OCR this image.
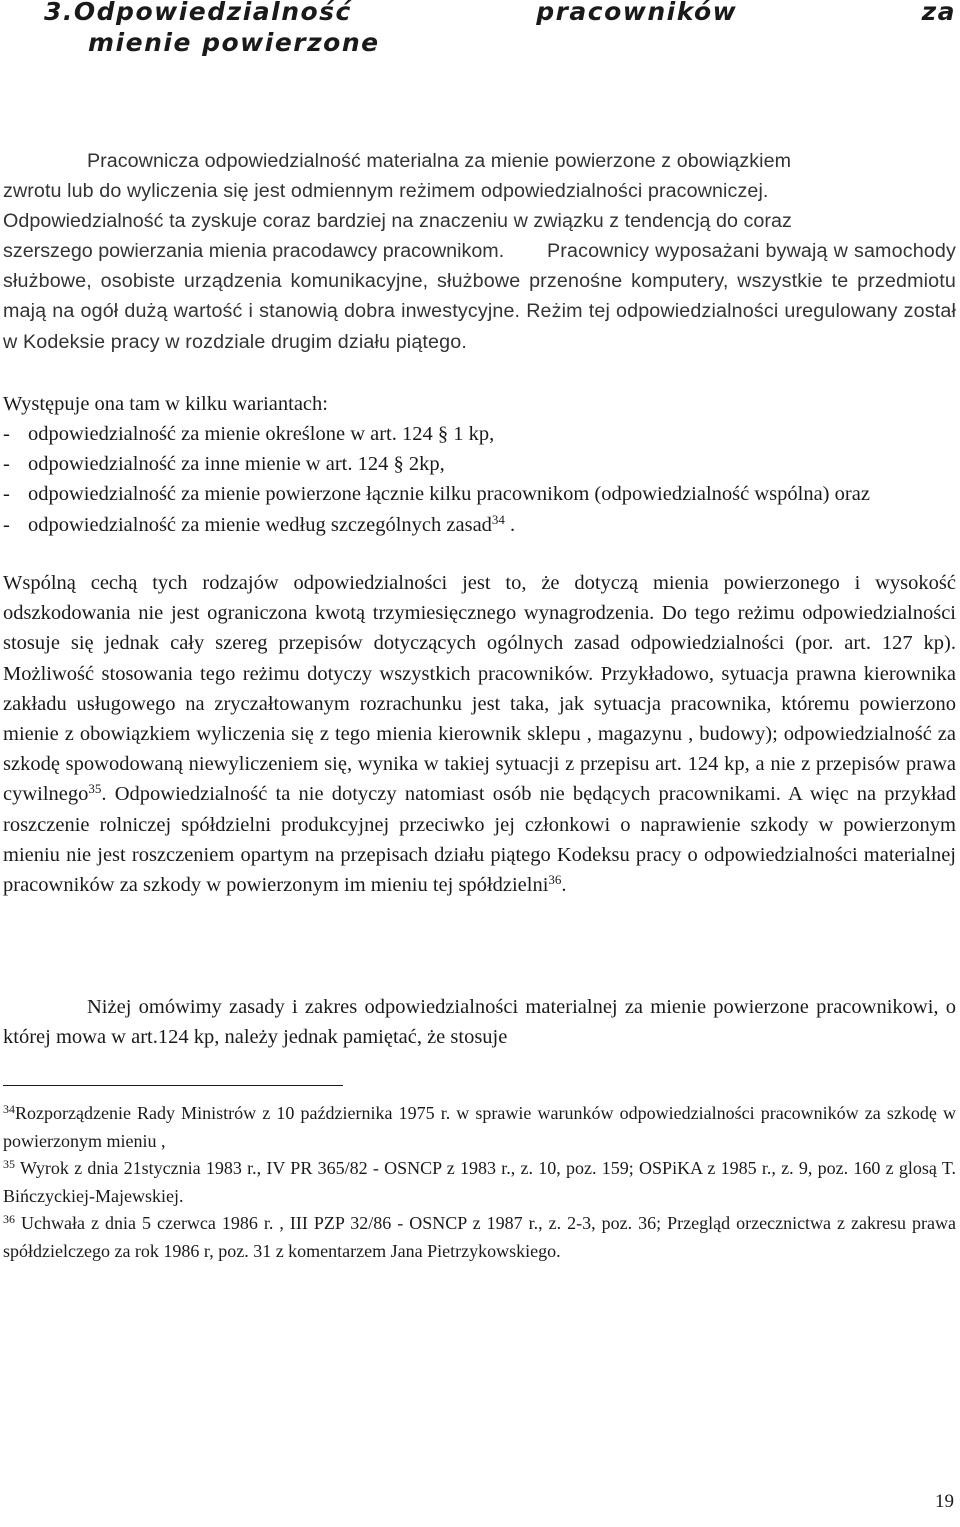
3.Odpowiedzialność	pracowników	za
mienie powierzone

Pracownicza odpowiedzialność materialna za mienie powierzone z obowiązkiem

zwrotu lub do wyliczenia się jest odmiennym reżimem odpowiedzialności pracowniczej.

Odpowiedzialność ta zyskuje coraz bardziej na znaczeniu w związku z tendencją do coraz

szerszego powierzania mienia pracodawcy pracownikom.	Pracownicy wyposażani bywają w samochody służbowe, osobiste urządzenia komunikacyjne, służbowe przenośne komputery, wszystkie te przedmiotu mają na ogół dużą wartość i stanowią dobra inwestycyjne. Reżim tej odpowiedzialności uregulowany został w Kodeksie pracy w rozdziale drugim działu piątego.

Występuje ona tam w kilku wariantach:

- odpowiedzialność za mienie określone w art. 124 § 1 kp,
- odpowiedzialność za inne mienie w art. 124 § 2kp,
- odpowiedzialność za mienie powierzone łącznie kilku pracownikom (odpowiedzialność wspólna) oraz
- odpowiedzialność za mienie według szczególnych zasad$^{34}$ .

Wspólną cechą tych rodzajów odpowiedzialności jest to, że dotyczą mienia powierzonego i wysokość odszkodowania nie jest ograniczona kwotą trzymiesięcznego wynagrodzenia. Do tego reżimu odpowiedzialności stosuje się jednak cały szereg przepisów dotyczących ogólnych zasad odpowiedzialności (por. art. 127 kp). Możliwość stosowania tego reżimu dotyczy wszystkich pracowników. Przykładowo, sytuacja prawna kierownika zakładu usługowego na zryczałtowanym rozrachunku jest taka, jak sytuacja pracownika, któremu powierzono mienie z obowiązkiem wyliczenia się z tego mienia kierownik sklepu , magazynu , budowy); odpowiedzialność za szkodę spowodowaną niewyliczeniem się, wynika w takiej sytuacji z przepisu art. 124 kp, a nie z przepisów prawa cywilnego$^{35}$. Odpowiedzialność ta nie dotyczy natomiast osób nie będących pracownikami. A więc na przykład roszczenie rolniczej spółdzielni produkcyjnej przeciwko jej członkowi o naprawienie szkody w powierzonym mieniu nie jest roszczeniem opartym na przepisach działu piątego Kodeksu pracy o odpowiedzialności materialnej pracowników za szkody w powierzonym im mieniu tej spółdzielni$^{36}$.

Niżej omówimy zasady i zakres odpowiedzialności materialnej za mienie powierzone pracownikowi, o której mowa w art.124 kp, należy jednak pamiętać, że stosuje

$^{34}$Rozporządzenie Rady Ministrów z 10 października 1975 r. w sprawie warunków odpowiedzialności pracowników za szkodę w powierzonym mieniu ,

$^{35}$ Wyrok z dnia 21stycznia 1983 r., IV PR 365/82 - OSNCP z 1983 r., z. 10, poz. 159; OSPiKA z 1985 r., z. 9, poz. 160 z glosą T. Bińczyckiej-Majewskiej.

$^{36}$ Uchwała z dnia 5 czerwca 1986 r. , III PZP 32/86 - OSNCP z 1987 r., z. 2-3, poz. 36; Przegląd orzecznictwa z zakresu prawa spółdzielczego za rok 1986 r, poz. 31 z komentarzem Jana Pietrzykowskiego.

19
